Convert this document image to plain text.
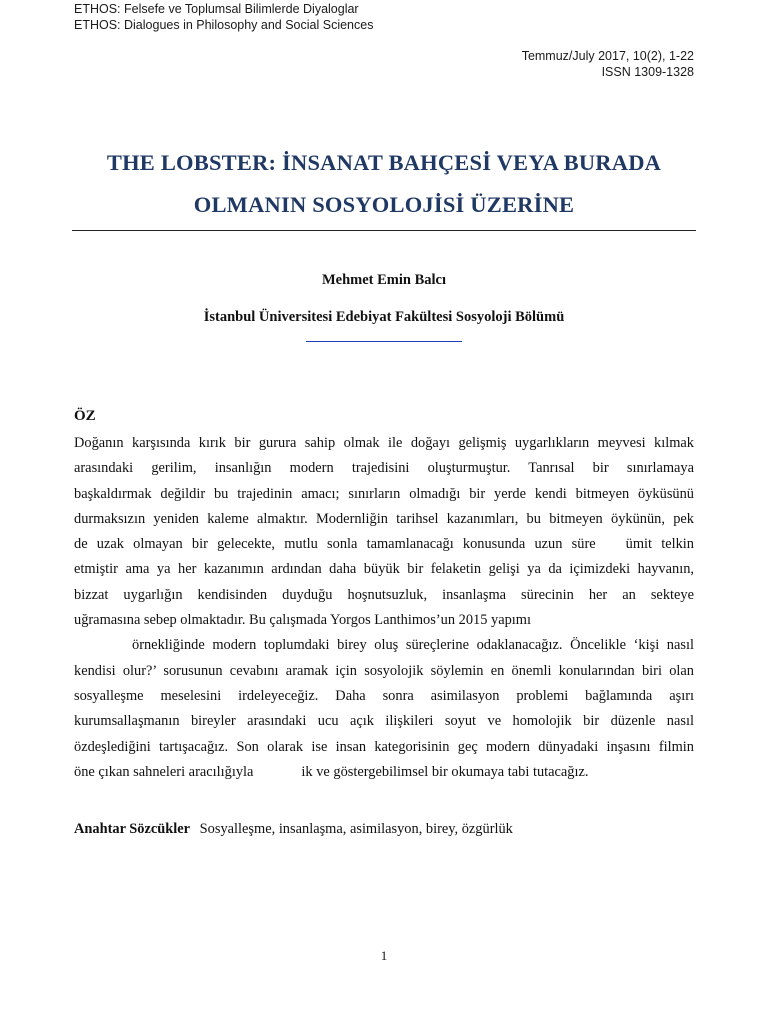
ETHOS: Felsefe ve Toplumsal Bilimlerde Diyaloglar
ETHOS: Dialogues in Philosophy and Social Sciences
Temmuz/July 2017, 10(2), 1-22
ISSN 1309-1328
THE LOBSTER: İNSANAT BAHÇESİ VEYA BURADA
OLMANIN SOSYOLOJİSİ ÜZERİNE
Mehmet Emin Balcı
İstanbul Üniversitesi Edebiyat Fakültesi Sosyoloji Bölümü
ÖZ
Doğanın karşısında kırık bir gurura sahip olmak ile doğayı gelişmiş uygarlıkların meyvesi kılmak
arasındaki gerilim, insanlığın modern trajedisini oluşturmuştur. Tanrısal bir sınırlamaya
başkaldırmak değildir bu trajedinin amacı; sınırların olmadığı bir yerde kendi bitmeyen öyküsünü
durmaksızın yeniden kaleme almaktır. Modernliğin tarihsel kazanımları, bu bitmeyen öykünün, pek
de uzak olmayan bir gelecekte, mutlu sonla tamamlanacağı konusunda uzun süre ümit telkin
etmiştir ama ya her kazanımın ardından daha büyük bir felaketin gelişi ya da içimizdeki hayvanın,
bizzat uygarlığın kendisinden duyduğu hoşnutsuzluk, insanlaşma sürecinin her an sekteye
uğramasına sebep olmaktadır. Bu çalışmada Yorgos Lanthimos’un 2015 yapımı
örnekliğinde modern toplumdaki birey oluş süreçlerine odaklanacağız. Öncelikle ‘kişi nasıl
kendisi olur?’ sorusunun cevabını aramak için sosyolojik söylemin en önemli konularından biri olan
sosyalleşme meselesini irdeleyeceğiz. Daha sonra asimilasyon problemi bağlamında aşırı
kurumsallaşmanın bireyler arasındaki ucu açık ilişkileri soyut ve homolojik bir düzenle nasıl
özdeşlediğini tartışacağız. Son olarak ise insan kategorisinin geç modern dünyadaki inşasını filmin
öne çıkan sahneleri aracılığıyla	ik ve göstergebilimsel bir okumaya tabi tutacağız.
Anahtar Sözcükler Sosyalleşme, insanlaşma, asimilasyon, birey, özgürlük
1
